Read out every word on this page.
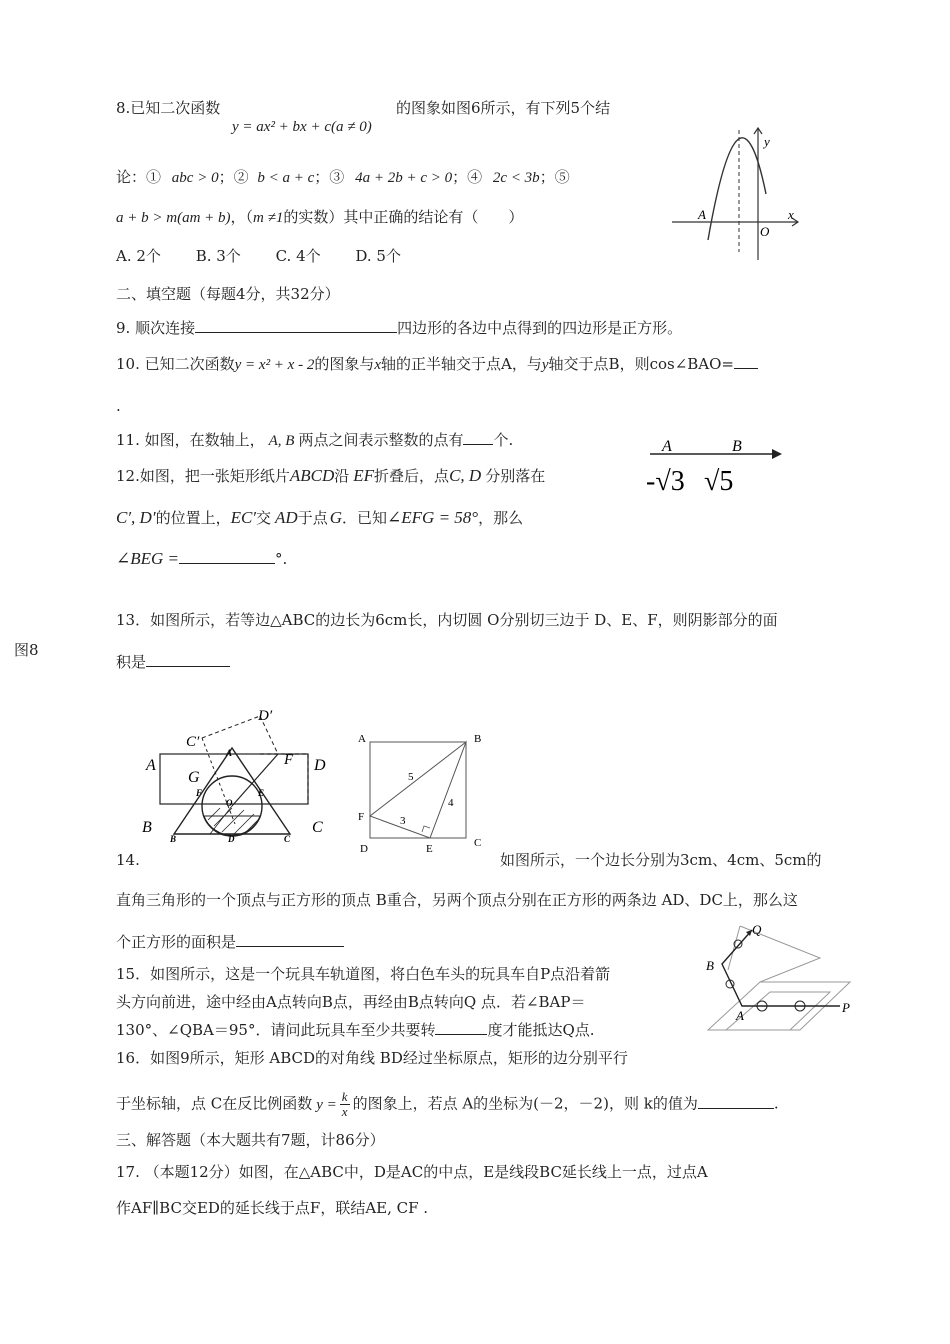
8.已知二次函数
y = ax² + bx + c(a ≠ 0)
的图象如图6所示，有下列5个结
论：① abc > 0；② b < a + c；③ 4a + 2b + c > 0；④ 2c < 3b；⑤
a + b > m(am + b)，（m ≠1的实数）其中正确的结论有（　　）
A. 2个 B. 3个 C. 4个 D. 5个
y
x
A
O
二、填空题（每题4分，共32分）
9. 顺次连接	四边形的各边中点得到的四边形是正方形。
10. 已知二次函数y = x² + x - 2的图象与x轴的正半轴交于点A，与y轴交于点B，则cos∠BAO=
.
11. 如图，在数轴上， A, B 两点之间表示整数的点有 个.	A	B
-√3 √5
12.如图，把一张矩形纸片ABCD沿 EF折叠后，点C, D 分别落在
C′, D′的位置上，EC′交 AD于点 G．已知∠EFG = 58°，那么
∠BEG =	°.
13．如图所示，若等边△ABC的边长为6cm长，内切圆 O分别切三边于 D、E、F，则阴影部分的面
图8
积是
A
B	C
D
G
F
C′
D′
A
B	C
F	E
O
D
A	B
C
D	E
F
5
4
3
14.	如图所示，一个边长分别为3cm、4cm、5cm的
直角三角形的一个顶点与正方形的顶点 B重合，另两个顶点分别在正方形的两条边 AD、DC上，那么这
个正方形的面积是
15．如图所示，这是一个玩具车轨道图，将白色车头的玩具车自P点沿着箭
头方向前进，途中经由A点转向B点，再经由B点转向Q 点．若∠BAP＝
130°、∠QBA＝95°．请问此玩具车至少共要转	度才能抵达Q点.
Q
B
A
P
16．如图9所示，矩形 ABCD的对角线 BD经过坐标原点，矩形的边分别平行
于坐标轴，点 C在反比例函数 $y = \frac{k}{x}$ 的图象上，若点 A的坐标为(－2，－2)，则 k的值为	.
三、解答题（本大题共有7题，计86分）
17. （本题12分）如图，在△ABC中，D是AC的中点，E是线段BC延长线上一点，过点A
作AF∥BC交ED的延长线于点F，联结AE, CF .
